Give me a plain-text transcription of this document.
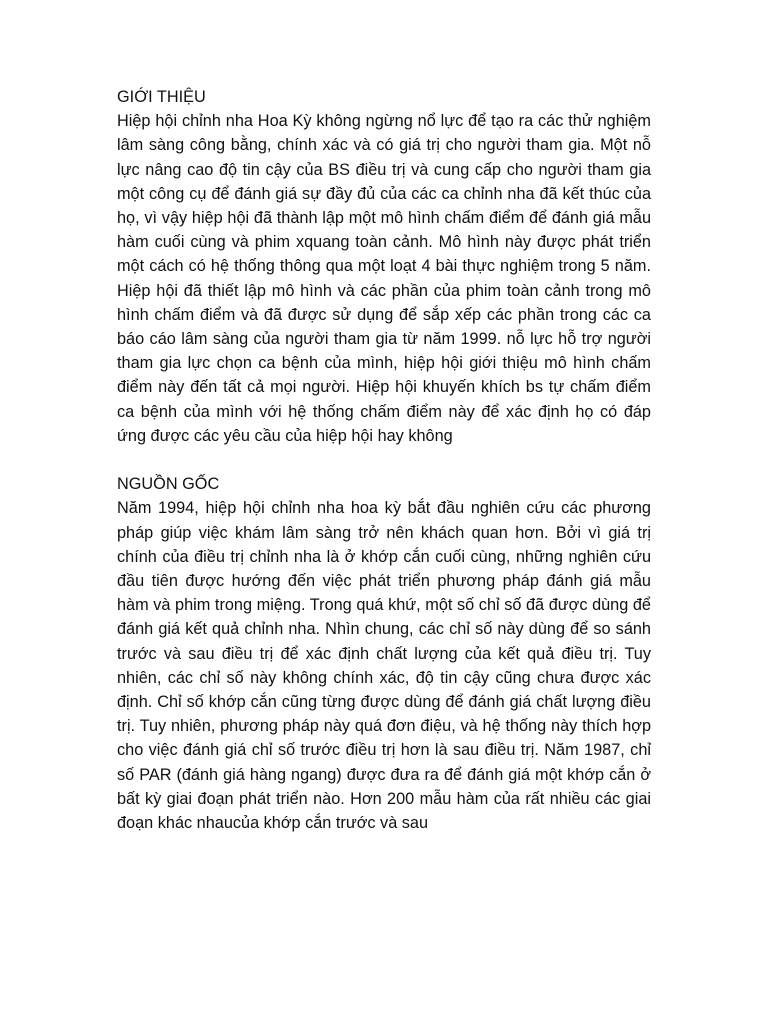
GIỚI THIỆU

Hiệp hội chỉnh nha Hoa Kỳ không ngừng nổ lực để tạo ra các thử nghiệm lâm sàng công bằng, chính xác và có giá trị cho người tham gia. Một nỗ lực nâng cao độ tin cậy của BS điều trị và cung cấp cho người tham gia một công cụ để đánh giá sự đầy đủ của các ca chỉnh nha đã kết thúc của họ, vì vậy hiệp hội đã thành lập một mô hình chấm điểm để đánh giá mẫu hàm cuối cùng và phim xquang toàn cảnh. Mô hình này được phát triển một cách có hệ thống thông qua một loạt 4 bài thực nghiệm trong 5 năm. Hiệp hội đã thiết lập mô hình và các phần của phim toàn cảnh trong mô hình chấm điểm và đã được sử dụng để sắp xếp các phần trong các ca báo cáo lâm sàng của người tham gia từ năm 1999. nỗ lực hỗ trợ người tham gia lực chọn ca bệnh của mình, hiệp hội giới thiệu mô hình chấm điểm này đến tất cả mọi người. Hiệp hội khuyến khích bs tự chấm điểm ca bệnh của mình với hệ thống chấm điểm này để xác định họ có đáp ứng được các yêu cầu của hiệp hội hay không

NGUỒN GỐC

Năm 1994, hiệp hội chỉnh nha hoa kỳ bắt đầu nghiên cứu các phương pháp giúp việc khám lâm sàng trở nên khách quan hơn. Bởi vì giá trị chính của điều trị chỉnh nha là ở khớp cắn cuối cùng, những nghiên cứu đầu tiên được hướng đến việc phát triển phương pháp đánh giá mẫu hàm và phim trong miệng. Trong quá khứ, một số chỉ số đã được dùng để đánh giá kết quả chỉnh nha. Nhìn chung, các chỉ số này dùng để so sánh trước và sau điều trị để xác định chất lượng của kết quả điều trị. Tuy nhiên, các chỉ số này không chính xác, độ tin cậy cũng chưa được xác định. Chỉ số khớp cắn cũng từng được dùng để đánh giá chất lượng điều trị. Tuy nhiên, phương pháp này quá đơn điệu, và hệ thống này thích hợp cho việc đánh giá chỉ số trước điều trị hơn là sau điều trị. Năm 1987, chỉ số PAR (đánh giá hàng ngang) được đưa ra để đánh giá một khớp cắn ở bất kỳ giai đoạn phát triển nào. Hơn 200 mẫu hàm của rất nhiều các giai đoạn khác nhaucủa khớp cắn trước và sau
